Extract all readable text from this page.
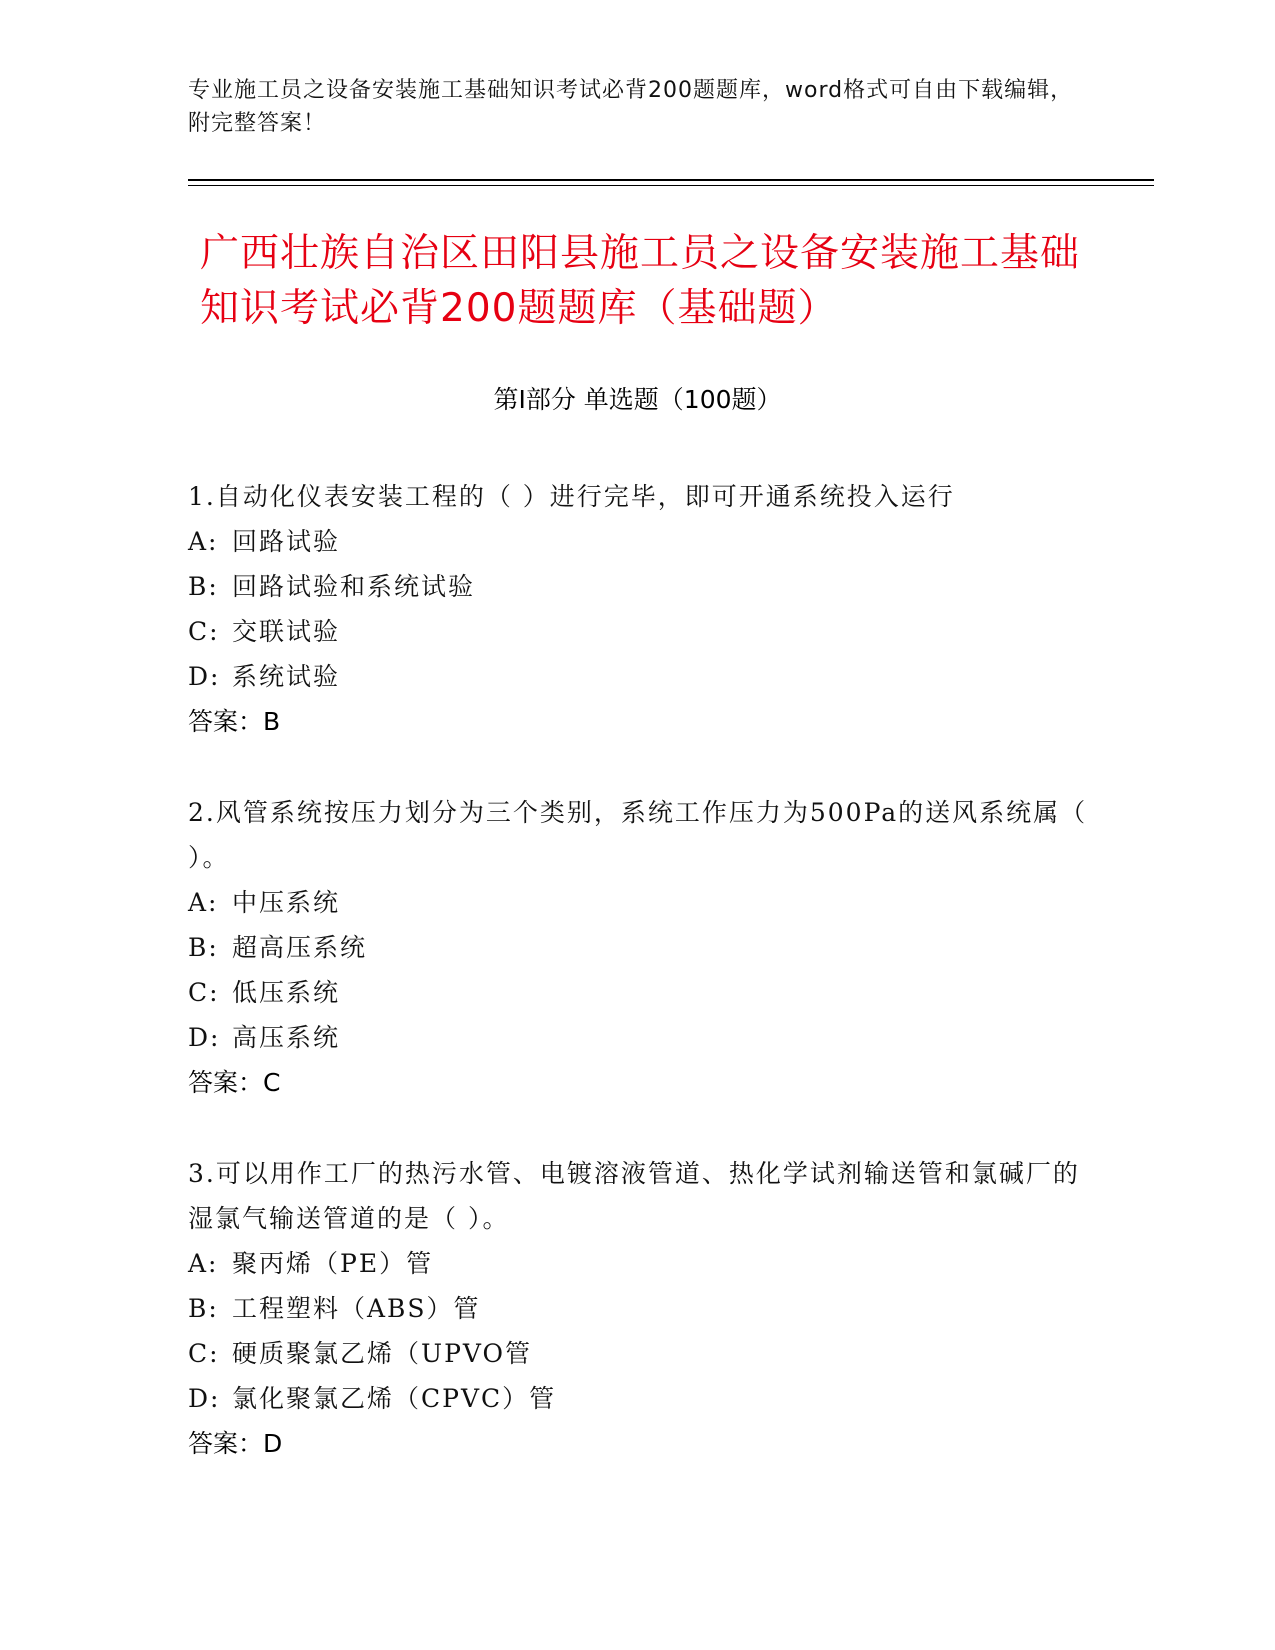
专业施工员之设备安装施工基础知识考试必背200题题库，word格式可自由下载编辑，附完整答案！
广西壮族自治区田阳县施工员之设备安装施工基础知识考试必背200题题库（基础题）
第Ⅰ部分 单选题（100题）
1.自动化仪表安装工程的（ ）进行完毕，即可开通系统投入运行
A: 回路试验
B: 回路试验和系统试验
C: 交联试验
D: 系统试验
答案：B
2.风管系统按压力划分为三个类别，系统工作压力为500Pa的送风系统属（ ）。
A: 中压系统
B: 超高压系统
C: 低压系统
D: 高压系统
答案：C
3.可以用作工厂的热污水管、电镀溶液管道、热化学试剂输送管和氯碱厂的湿氯气输送管道的是（ ）。
A: 聚丙烯（PE）管
B: 工程塑料（ABS）管
C: 硬质聚氯乙烯（UPVO管
D: 氯化聚氯乙烯（CPVC）管
答案：D
